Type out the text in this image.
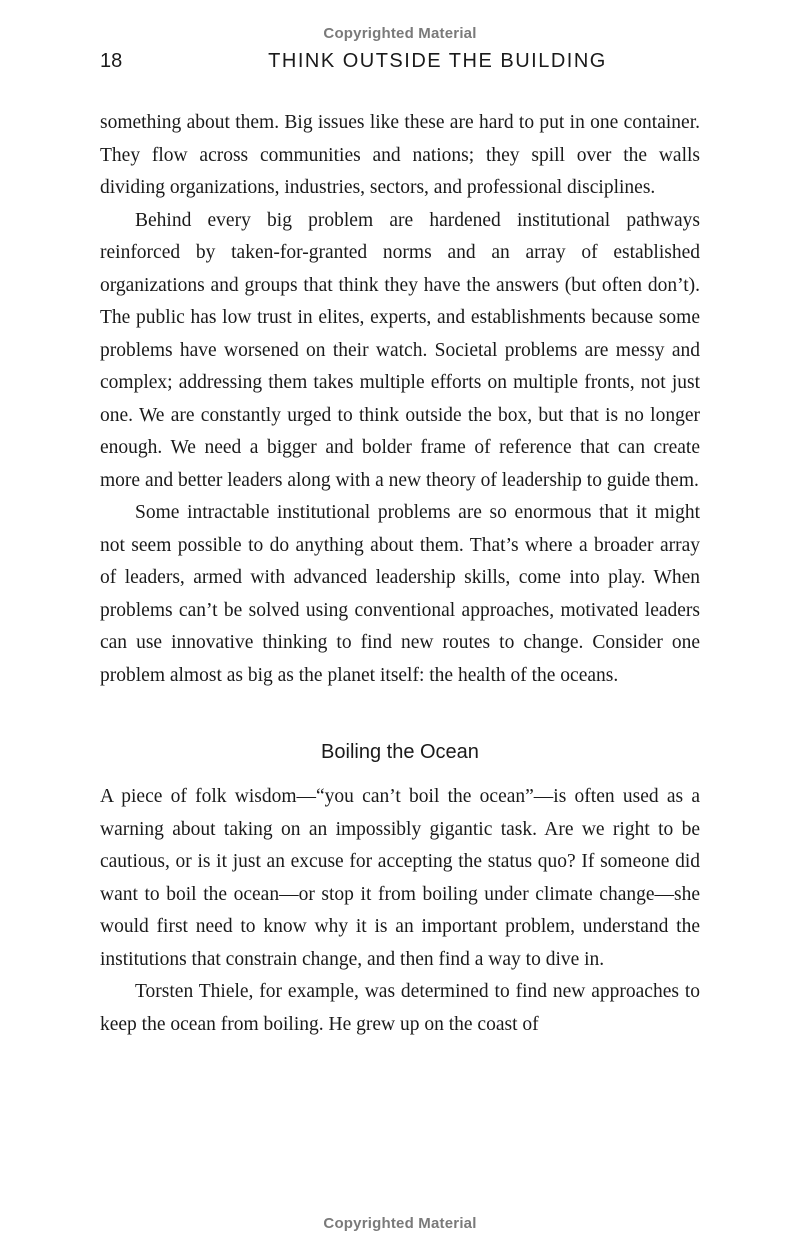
Copyrighted Material
18	THINK OUTSIDE THE BUILDING

something about them. Big issues like these are hard to put in one container. They flow across communities and nations; they spill over the walls dividing organizations, industries, sectors, and professional disciplines.

Behind every big problem are hardened institutional pathways reinforced by taken-for-granted norms and an array of established organizations and groups that think they have the answers (but often don’t). The public has low trust in elites, experts, and establishments because some problems have worsened on their watch. Societal problems are messy and complex; addressing them takes multiple efforts on multiple fronts, not just one. We are constantly urged to think outside the box, but that is no longer enough. We need a bigger and bolder frame of reference that can create more and better leaders along with a new theory of leadership to guide them.

Some intractable institutional problems are so enormous that it might not seem possible to do anything about them. That’s where a broader array of leaders, armed with advanced leadership skills, come into play. When problems can’t be solved using conventional approaches, motivated leaders can use innovative thinking to find new routes to change. Consider one problem almost as big as the planet itself: the health of the oceans.

Boiling the Ocean

A piece of folk wisdom—“you can’t boil the ocean”—is often used as a warning about taking on an impossibly gigantic task. Are we right to be cautious, or is it just an excuse for accepting the status quo? If someone did want to boil the ocean—or stop it from boiling under climate change—she would first need to know why it is an important problem, understand the institutions that constrain change, and then find a way to dive in.

Torsten Thiele, for example, was determined to find new approaches to keep the ocean from boiling. He grew up on the coast of

Copyrighted Material
